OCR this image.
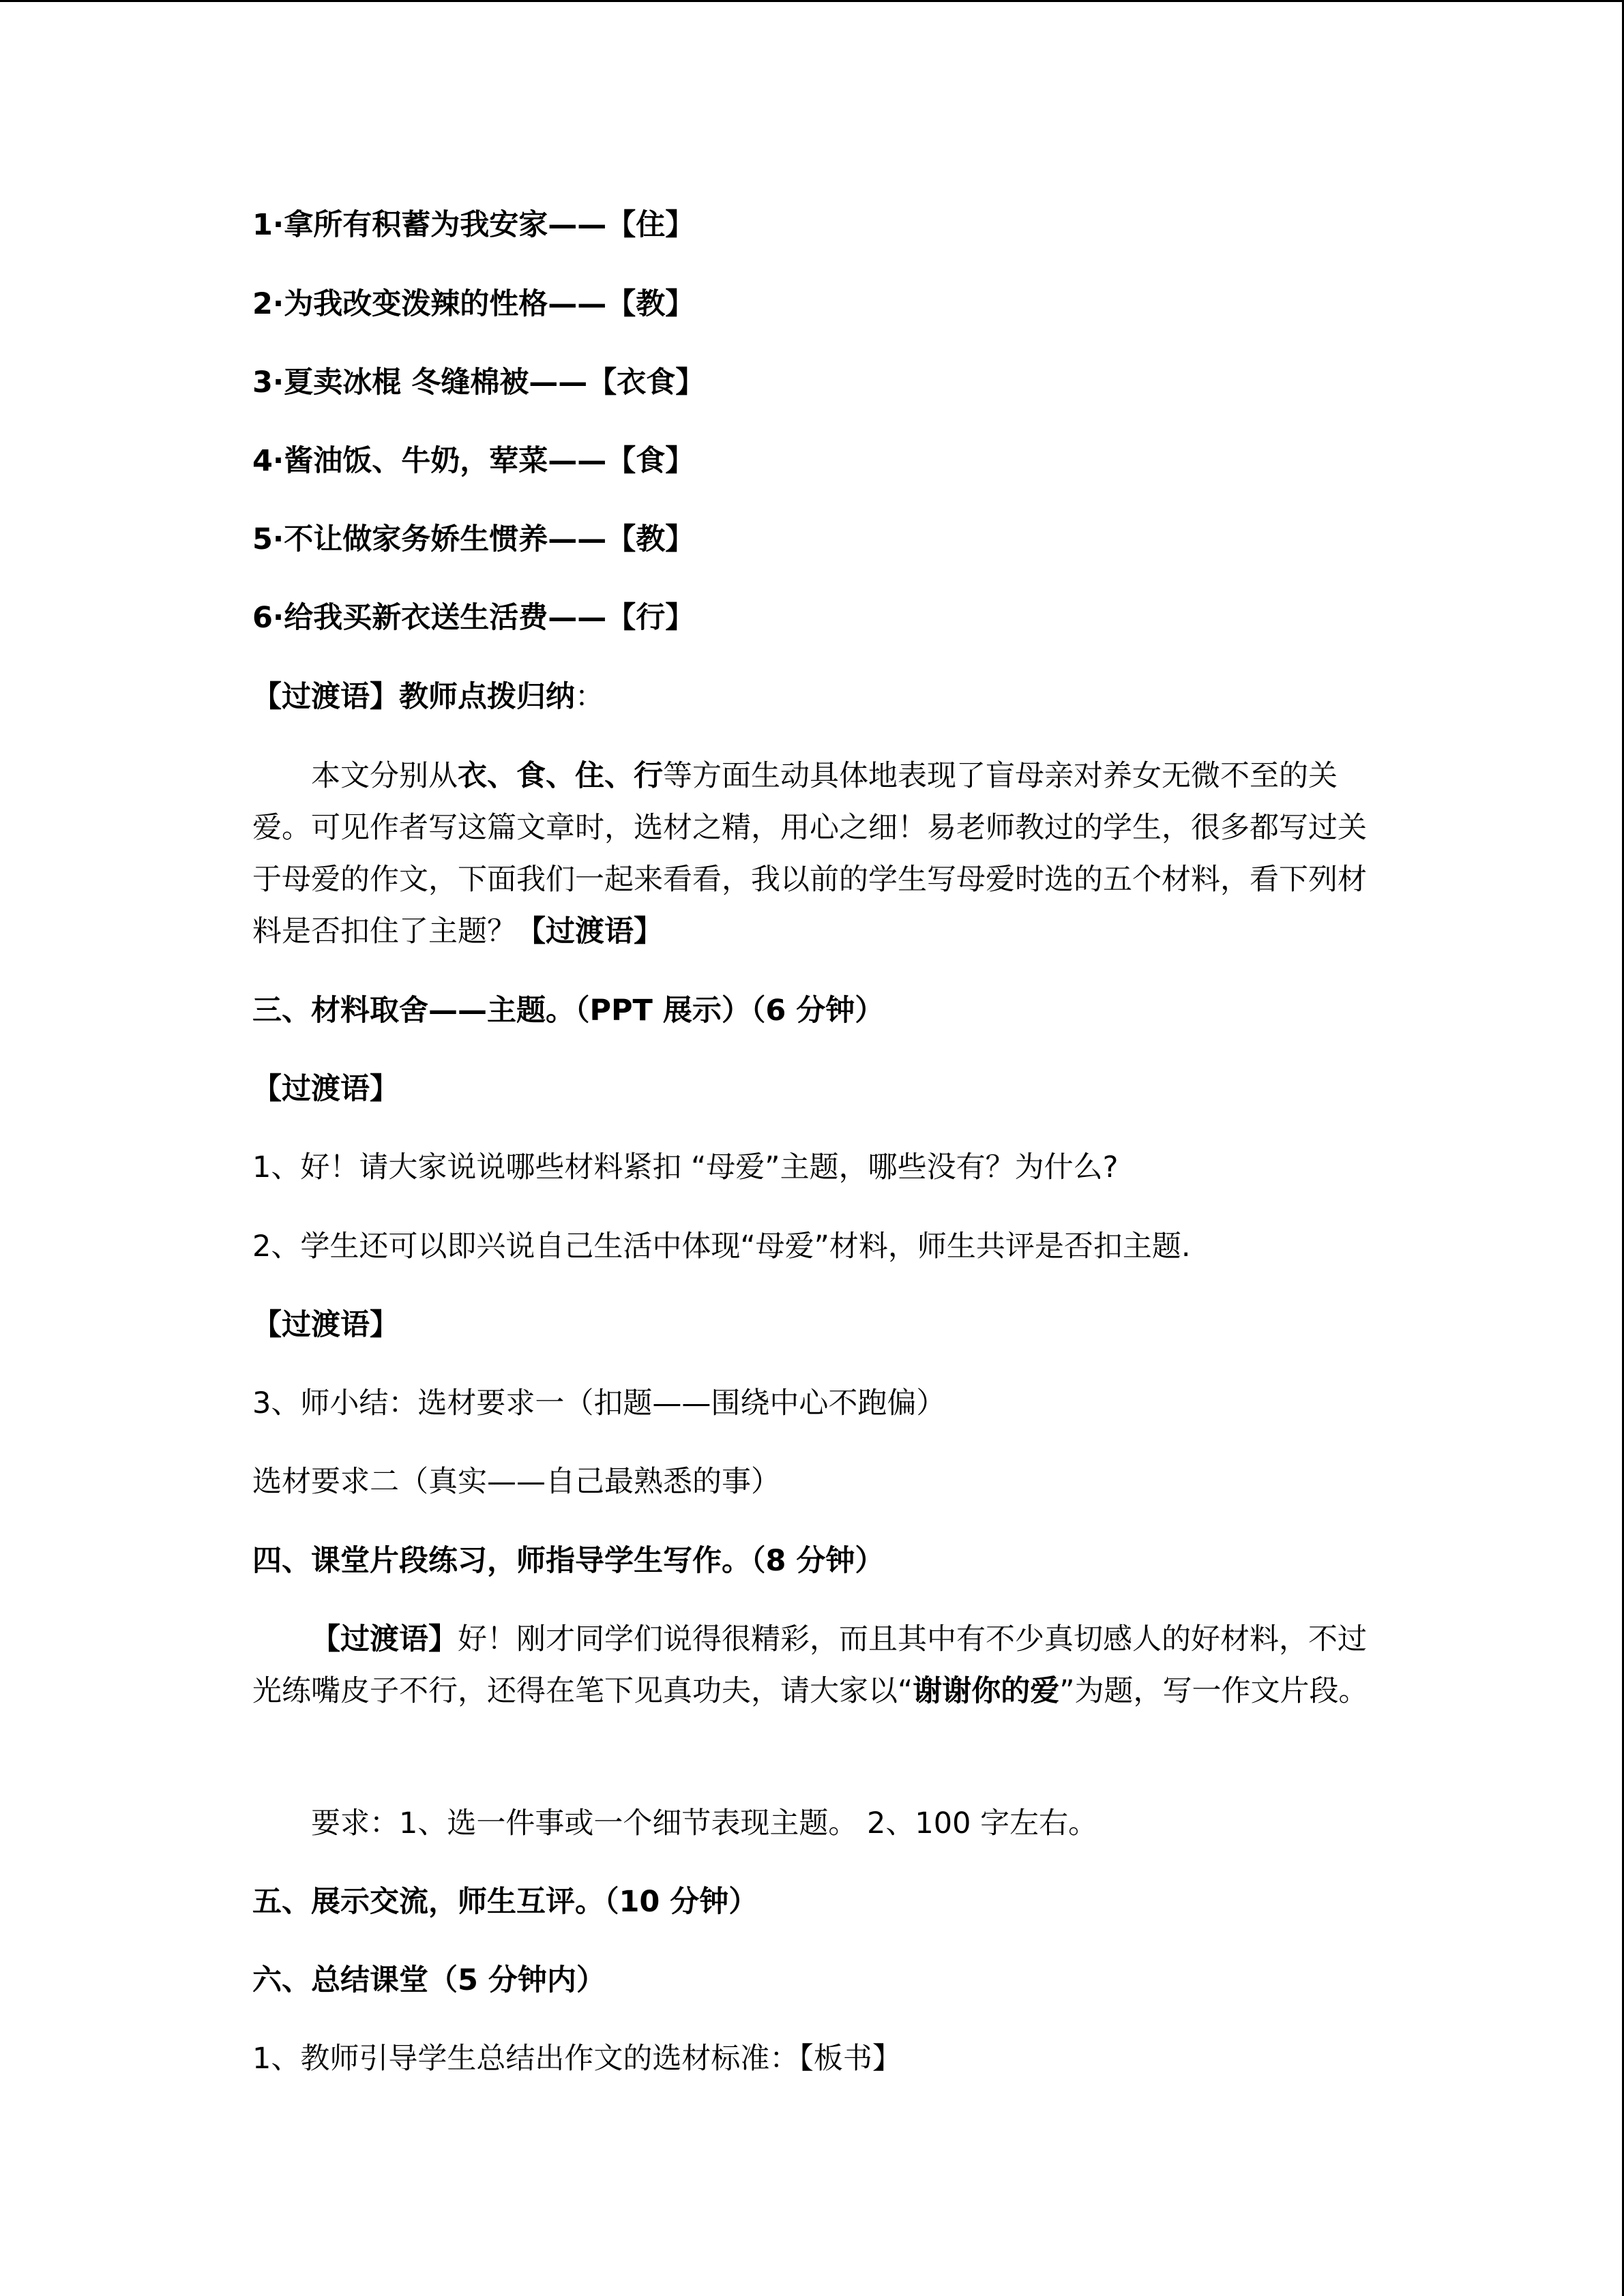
1·拿所有积蓄为我安家——【住】
2·为我改变泼辣的性格——【教】
3·夏卖冰棍 冬缝棉被——【衣食】
4·酱油饭、牛奶，荤菜——【食】
5·不让做家务娇生惯养——【教】
6·给我买新衣送生活费——【行】
【过渡语】教师点拨归纳：
本文分别从衣、食、住、行等方面生动具体地表现了盲母亲对养女无微不至的关爱。可见作者写这篇文章时，选材之精，用心之细！易老师教过的学生，很多都写过关于母爱的作文，下面我们一起来看看，我以前的学生写母爱时选的五个材料，看下列材料是否扣住了主题？【过渡语】
三、材料取舍——主题。（PPT 展示）（6 分钟）
【过渡语】
1、好！请大家说说哪些材料紧扣 “母爱”主题，哪些没有？为什么?
2、学生还可以即兴说自己生活中体现“母爱”材料，师生共评是否扣主题.
【过渡语】
3、师小结：选材要求一（扣题——围绕中心不跑偏）
选材要求二（真实——自己最熟悉的事）
四、课堂片段练习，师指导学生写作。（8 分钟）
【过渡语】好！刚才同学们说得很精彩，而且其中有不少真切感人的好材料，不过光练嘴皮子不行，还得在笔下见真功夫，请大家以“谢谢你的爱”为题，写一作文片段。
要求：1、选一件事或一个细节表现主题。 2、100 字左右。
五、展示交流，师生互评。（10 分钟）
六、总结课堂（5 分钟内）
1、教师引导学生总结出作文的选材标准：【板书】
